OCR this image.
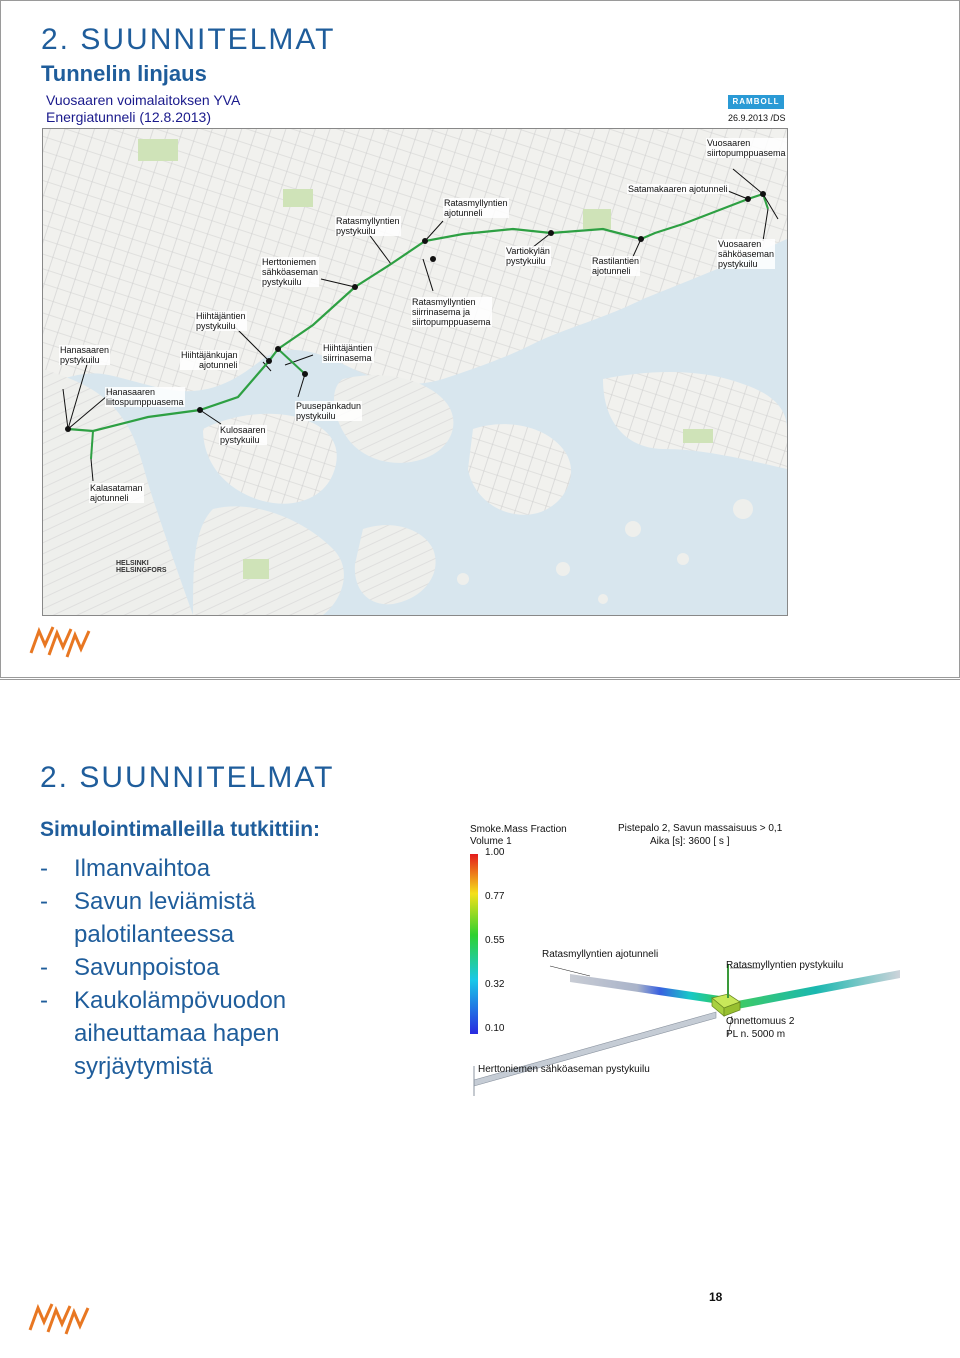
2. SUUNNITELMAT
Tunnelin linjaus
Vuosaaren voimalaitoksen YVA
Energiatunneli (12.8.2013)
RAMBOLL
26.9.2013 /DS
Vuosaaren
siirtopumppuasema
Satamakaaren ajotunneli
Ratasmyllyntien
ajotunneli
Ratasmyllyntien
pystykuilu
Vartiokylän
pystykuilu	Rastilantien
ajotunneli
Vuosaaren
sähköaseman
pystykuilu
Herttoniemen
sähköaseman
pystykuilu
Ratasmyllyntien
siirrinasema ja
siirtopumppuasema
Hiihtäjäntien
pystykuilu
Hiihtäjäntien
siirrinasema
Hiihtäjänkujan
ajotunneli
Hanasaaren
pystykuilu
Hanasaaren
liitospumppuasema	Puusepänkadun
pystykuilu
Kulosaaren
pystykuilu
Kalasataman
ajotunneli
HELSINKI
HELSINGFORS
2. SUUNNITELMAT
Simulointimalleilla tutkittiin:
-	Ilmanvaihtoa
-	Savun leviämistä palotilanteessa
-	Savunpoistoa
-	Kaukolämpövuodon aiheuttamaa hapen syrjäytymistä
Smoke.Mass Fraction
Volume 1
1.00
0.77
0.55
0.32
0.10
Pistepalo 2, Savun massaisuus > 0,1
Aika [s]: 3600 [ s ]
Ratasmyllyntien ajotunneli
Ratasmyllyntien pystykuilu
Onnettomuus 2
PL n. 5000 m
Herttoniemen sähköaseman pystykuilu
18
